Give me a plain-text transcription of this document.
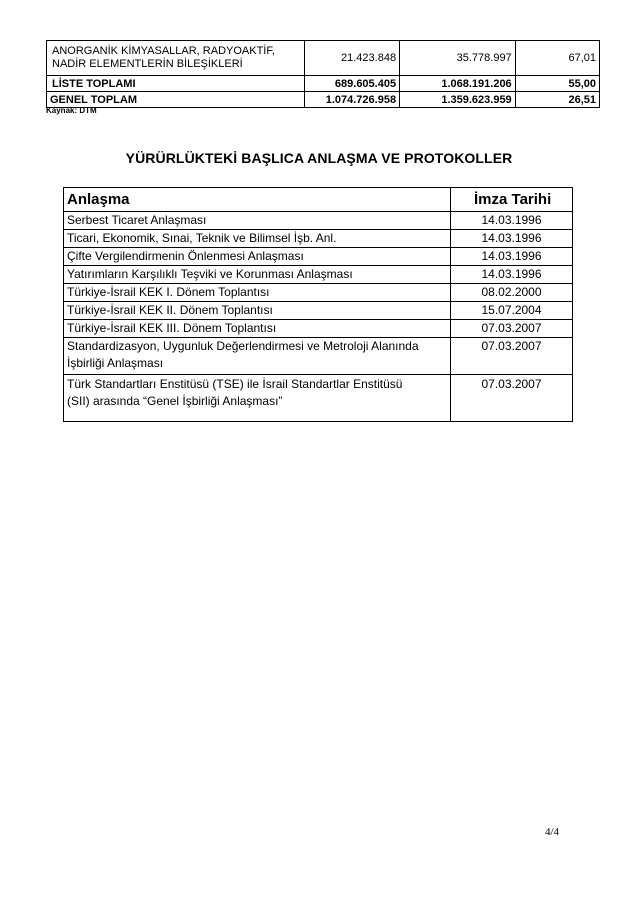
ANORGANİK KİMYASALLAR, RADYOAKTİF,
NADİR ELEMENTLERİN BİLEŞİKLERİ	21.423.848	35.778.997	67,01
LİSTE TOPLAMI	689.605.405	1.068.191.206	55,00
GENEL TOPLAM	1.074.726.958	1.359.623.959	26,51
Kaynak: DTM
YÜRÜRLÜKTEKİ BAŞLICA ANLAŞMA VE PROTOKOLLER
Anlaşma	İmza Tarihi
Serbest Ticaret Anlaşması	14.03.1996
Ticari, Ekonomik, Sınai, Teknik ve Bilimsel İşb. Anl.	14.03.1996
Çifte Vergilendirmenin Önlenmesi Anlaşması	14.03.1996
Yatırımların Karşılıklı Teşviki ve Korunması Anlaşması	14.03.1996
Türkiye-İsrail KEK I. Dönem Toplantısı	08.02.2000
Türkiye-İsrail KEK II. Dönem Toplantısı	15.07.2004
Türkiye-İsrail KEK III. Dönem Toplantısı	07.03.2007

Standardizasyon, Uygunluk Değerlendirmesi ve Metroloji Alanında
İşbirliği Anlaşması	07.03.2007

Türk Standartları Enstitüsü (TSE) ile İsrail Standartlar Enstitüsü
(SII) arasında “Genel İşbirliği Anlaşması”	07.03.2007
4/4
